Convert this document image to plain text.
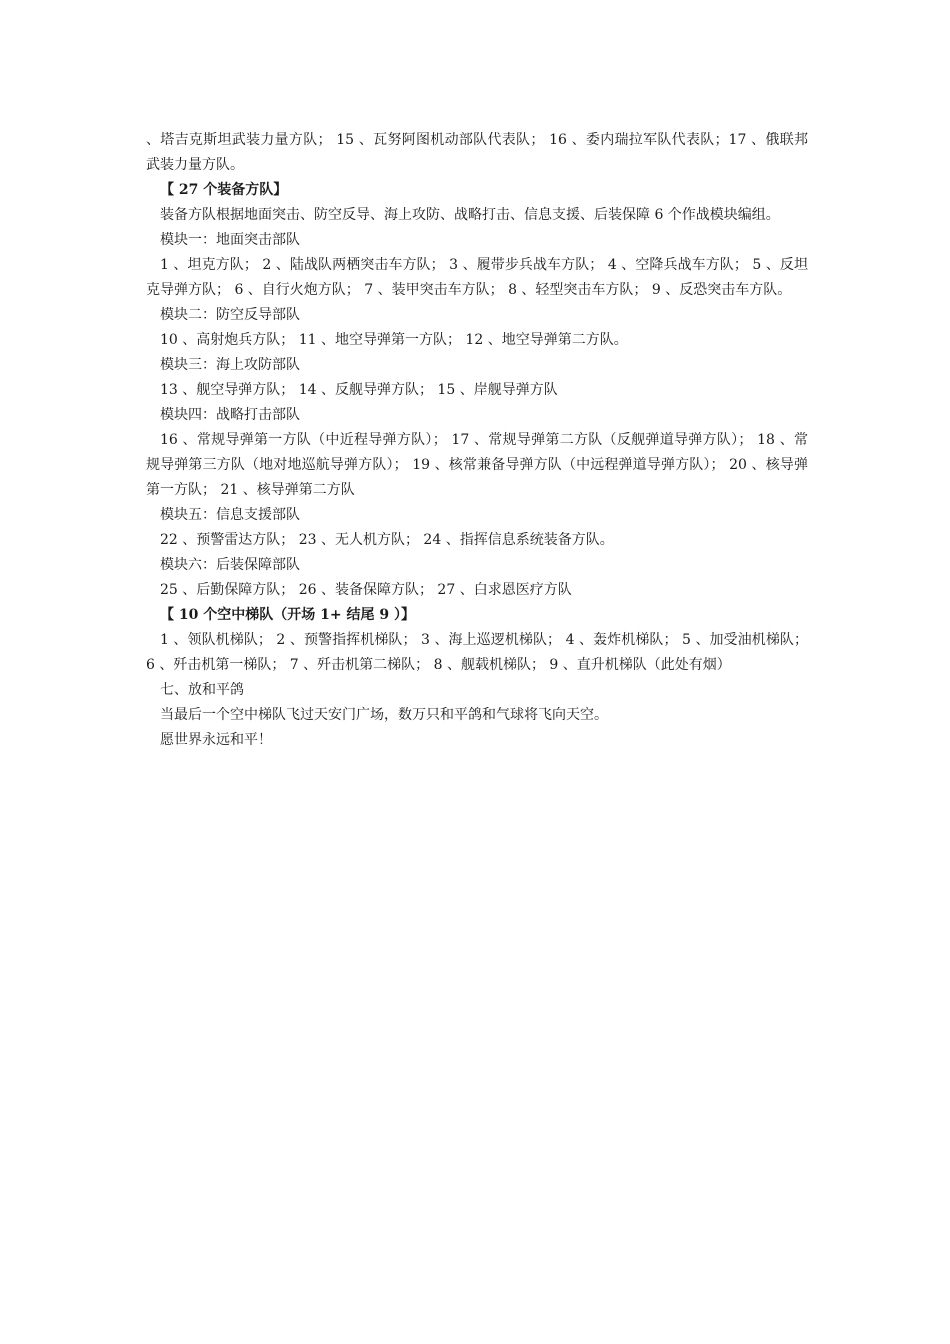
、塔吉克斯坦武装力量方队； 15 、瓦努阿图机动部队代表队； 16 、委内瑞拉军队代表队；17 、俄联邦武装力量方队。

【 27 个装备方队】

装备方队根据地面突击、防空反导、海上攻防、战略打击、信息支援、后装保障 6 个作战模块编组。

模块一：地面突击部队

1 、坦克方队； 2 、陆战队两栖突击车方队； 3 、履带步兵战车方队； 4 、空降兵战车方队； 5 、反坦克导弹方队； 6 、自行火炮方队； 7 、装甲突击车方队； 8 、轻型突击车方队； 9 、反恐突击车方队。

模块二：防空反导部队

10 、高射炮兵方队； 11 、地空导弹第一方队； 12 、地空导弹第二方队。

模块三：海上攻防部队

13 、舰空导弹方队； 14 、反舰导弹方队； 15 、岸舰导弹方队

模块四：战略打击部队

16 、常规导弹第一方队（中近程导弹方队）； 17 、常规导弹第二方队（反舰弹道导弹方队）； 18 、常规导弹第三方队（地对地巡航导弹方队）； 19 、核常兼备导弹方队（中远程弹道导弹方队）； 20 、核导弹第一方队； 21 、核导弹第二方队

模块五：信息支援部队

22 、预警雷达方队； 23 、无人机方队； 24 、指挥信息系统装备方队。

模块六：后装保障部队

25 、后勤保障方队； 26 、装备保障方队； 27 、白求恩医疗方队

【 10 个空中梯队（开场 1+ 结尾 9 ）】

1 、领队机梯队； 2 、预警指挥机梯队； 3 、海上巡逻机梯队； 4 、轰炸机梯队； 5 、加受油机梯队； 6 、歼击机第一梯队； 7 、歼击机第二梯队； 8 、舰载机梯队； 9 、直升机梯队（此处有烟）

七、放和平鸽

当最后一个空中梯队飞过天安门广场，数万只和平鸽和气球将飞向天空。

愿世界永远和平！
